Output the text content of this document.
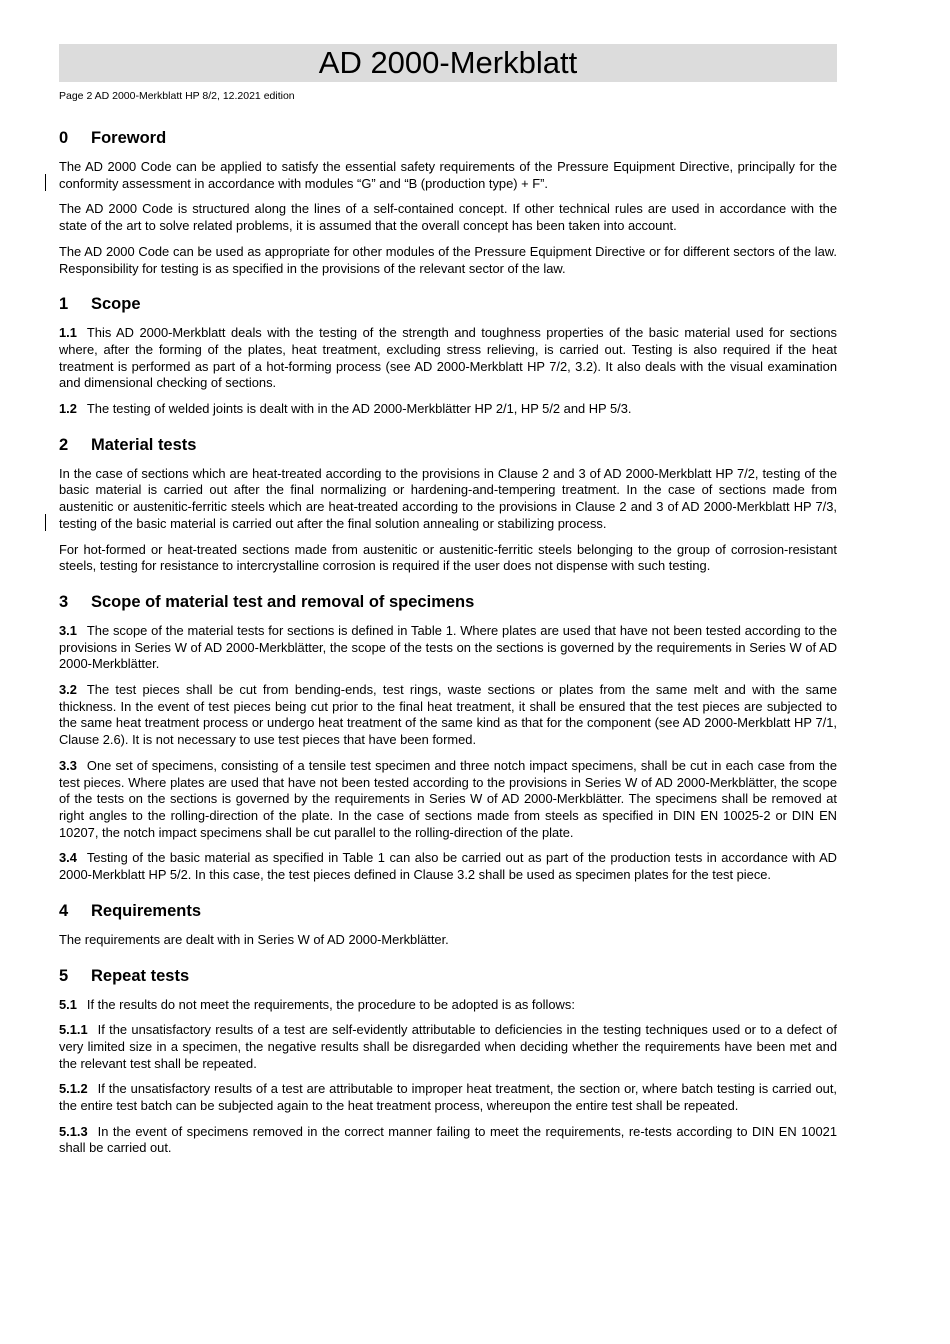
AD 2000-Merkblatt
Page 2 AD 2000-Merkblatt HP 8/2, 12.2021 edition
0	Foreword

The AD 2000 Code can be applied to satisfy the essential safety requirements of the Pressure Equipment Directive, principally for the conformity assessment in accordance with modules “G” and “B (production type) + F”.

The AD 2000 Code is structured along the lines of a self-contained concept. If other technical rules are used in accordance with the state of the art to solve related problems, it is assumed that the overall concept has been taken into account.

The AD 2000 Code can be used as appropriate for other modules of the Pressure Equipment Directive or for different sectors of the law. Responsibility for testing is as specified in the provisions of the relevant sector of the law.

1	Scope

1.1 This AD 2000-Merkblatt deals with the testing of the strength and toughness properties of the basic material used for sections where, after the forming of the plates, heat treatment, excluding stress relieving, is carried out. Testing is also required if the heat treatment is performed as part of a hot-forming process (see AD 2000-Merkblatt HP 7/2, 3.2). It also deals with the visual examination and dimensional checking of sections.

1.2 The testing of welded joints is dealt with in the AD 2000-Merkblätter HP 2/1, HP 5/2 and HP 5/3.

2	Material tests

In the case of sections which are heat-treated according to the provisions in Clause 2 and 3 of AD 2000-Merkblatt HP 7/2, testing of the basic material is carried out after the final normalizing or hardening-and-tempering treatment. In the case of sections made from austenitic or austenitic-ferritic steels which are heat-treated according to the provisions in Clause 2 and 3 of AD 2000-Merkblatt HP 7/3, testing of the basic material is carried out after the final solution annealing or stabilizing process.

For hot-formed or heat-treated sections made from austenitic or austenitic-ferritic steels belonging to the group of corrosion-resistant steels, testing for resistance to intercrystalline corrosion is required if the user does not dispense with such testing.

3	Scope of material test and removal of specimens

3.1 The scope of the material tests for sections is defined in Table 1. Where plates are used that have not been tested according to the provisions in Series W of AD 2000-Merkblätter, the scope of the tests on the sections is governed by the requirements in Series W of AD 2000-Merkblätter.

3.2 The test pieces shall be cut from bending-ends, test rings, waste sections or plates from the same melt and with the same thickness. In the event of test pieces being cut prior to the final heat treatment, it shall be ensured that the test pieces are subjected to the same heat treatment process or undergo heat treatment of the same kind as that for the component (see AD 2000-Merkblatt HP 7/1, Clause 2.6). It is not necessary to use test pieces that have been formed.

3.3 One set of specimens, consisting of a tensile test specimen and three notch impact specimens, shall be cut in each case from the test pieces. Where plates are used that have not been tested according to the provisions in Series W of AD 2000-Merkblätter, the scope of the tests on the sections is governed by the requirements in Series W of AD 2000-Merkblätter. The specimens shall be removed at right angles to the rolling-direction of the plate. In the case of sections made from steels as specified in DIN EN 10025-2 or DIN EN 10207, the notch impact specimens shall be cut parallel to the rolling-direction of the plate.

3.4 Testing of the basic material as specified in Table 1 can also be carried out as part of the production tests in accordance with AD 2000-Merkblatt HP 5/2. In this case, the test pieces defined in Clause 3.2 shall be used as specimen plates for the test piece.

4	Requirements

The requirements are dealt with in Series W of AD 2000-Merkblätter.

5	Repeat tests

5.1 If the results do not meet the requirements, the procedure to be adopted is as follows:

5.1.1 If the unsatisfactory results of a test are self-evidently attributable to deficiencies in the testing techniques used or to a defect of very limited size in a specimen, the negative results shall be disregarded when deciding whether the requirements have been met and the relevant test shall be repeated.

5.1.2 If the unsatisfactory results of a test are attributable to improper heat treatment, the section or, where batch testing is carried out, the entire test batch can be subjected again to the heat treatment process, whereupon the entire test shall be repeated.

5.1.3 In the event of specimens removed in the correct manner failing to meet the requirements, re-tests according to DIN EN 10021 shall be carried out.
